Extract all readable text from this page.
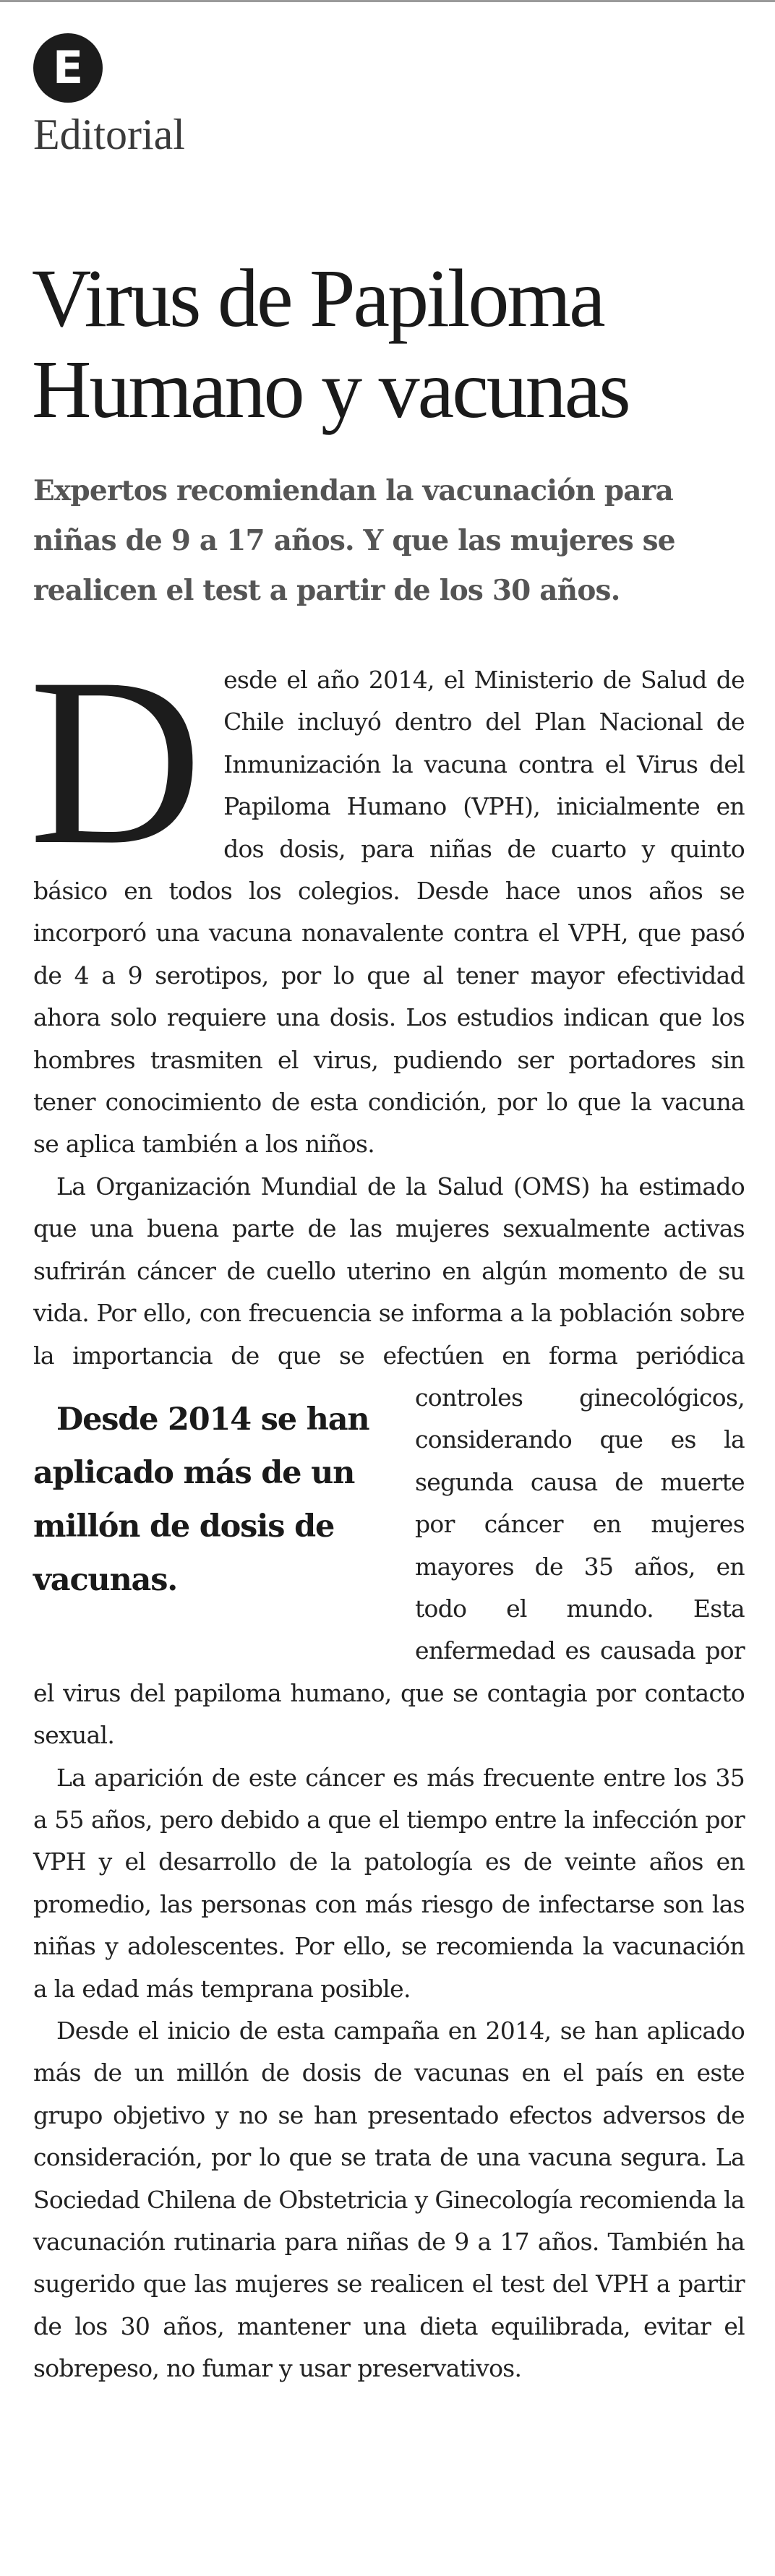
E
Editorial
Virus de Papiloma
Humano y vacunas

Expertos recomiendan la vacunación para niñas de 9 a 17 años. Y que las mujeres se realicen el test a partir de los 30 años.

Desde el año 2014, el Ministerio de Salud de Chile incluyó dentro del Plan Nacional de Inmunización la vacuna contra el Virus del Papiloma Humano (VPH), inicialmente en dos dosis, para niñas de cuarto y quinto básico en todos los colegios. Desde hace unos años se incorporó una vacuna nonavalente contra el VPH, que pasó de 4 a 9 serotipos, por lo que al tener mayor efectividad ahora solo requiere una dosis. Los estudios indican que los hombres trasmiten el virus, pudiendo ser portadores sin tener conocimiento de esta condición, por lo que la vacuna se aplica también a los niños.

La Organización Mundial de la Salud (OMS) ha estimado que una buena parte de las mujeres sexualmente activas sufrirán cáncer de cuello uterino en algún momento de su vida. Por ello, con frecuencia se informa a la población sobre la importancia de que se efectúen en forma periódica controles ginecológicos,
Desde 2014 se han aplicado más de un millón de dosis de vacunas.
considerando que es la segunda causa de muerte por cáncer en mujeres mayores de 35 años, en todo el mundo. Esta enfermedad es causada por el virus del papiloma humano, que se contagia por contacto sexual.

La aparición de este cáncer es más frecuente entre los 35 a 55 años, pero debido a que el tiempo entre la infección por VPH y el desarrollo de la patología es de veinte años en promedio, las personas con más riesgo de infectarse son las niñas y adolescentes. Por ello, se recomienda la vacunación a la edad más temprana posible.

Desde el inicio de esta campaña en 2014, se han aplicado más de un millón de dosis de vacunas en el país en este grupo objetivo y no se han presentado efectos adversos de consideración, por lo que se trata de una vacuna segura. La Sociedad Chilena de Obstetricia y Ginecología recomienda la vacunación rutinaria para niñas de 9 a 17 años. También ha sugerido que las mujeres se realicen el test del VPH a partir de los 30 años, mantener una dieta equilibrada, evitar el sobrepeso, no fumar y usar preservativos.
